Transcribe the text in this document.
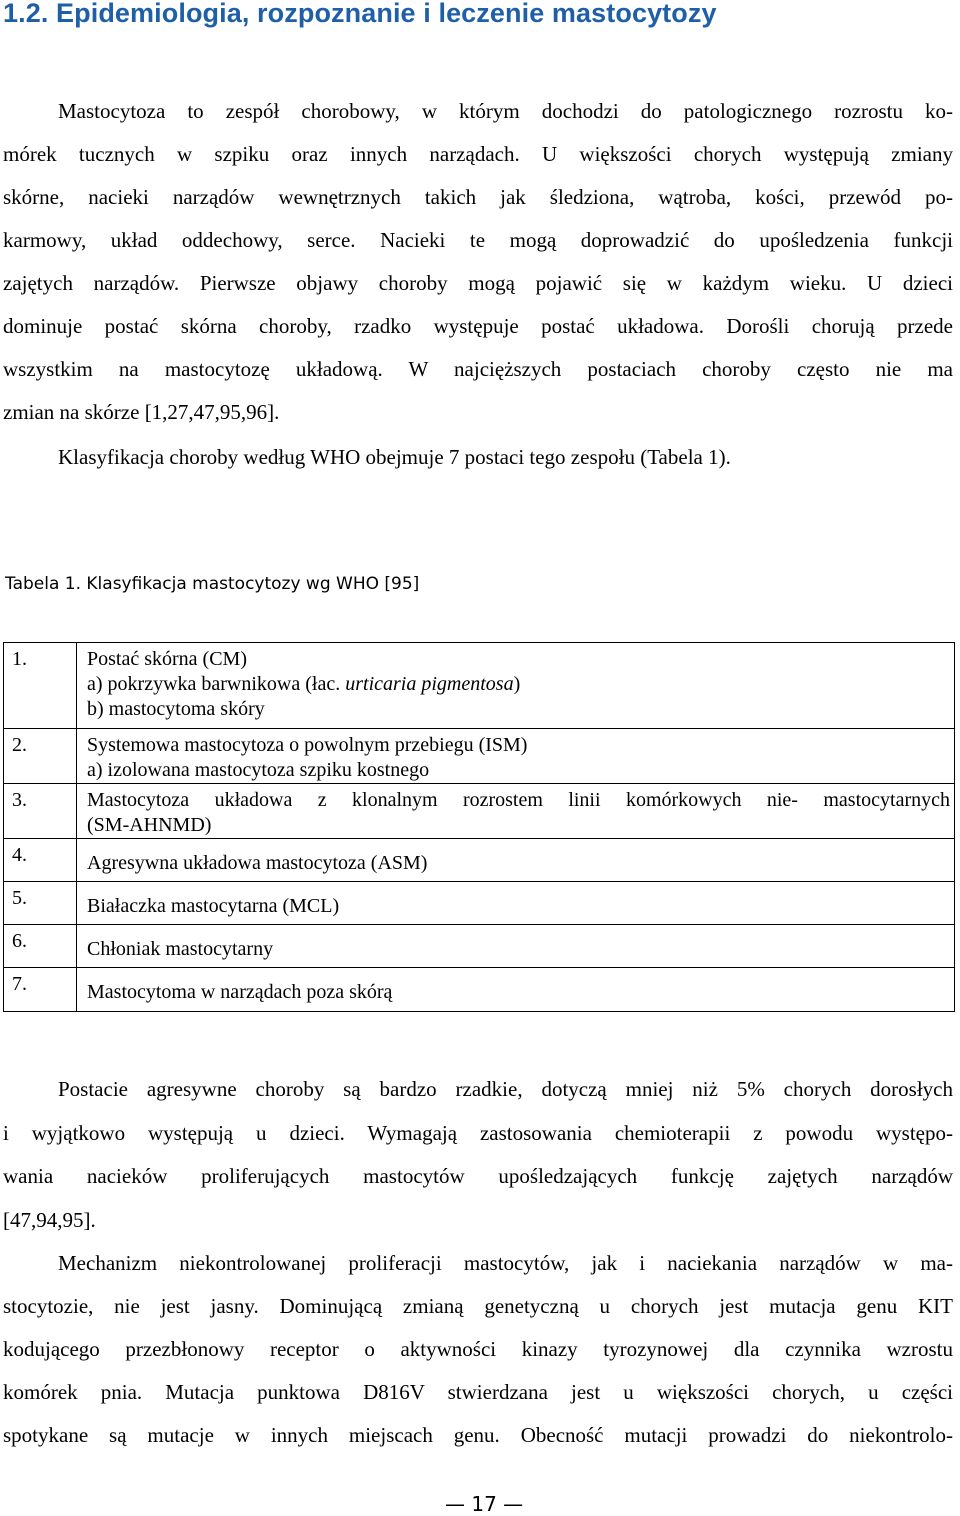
1.2. Epidemiologia, rozpoznanie i leczenie mastocytozy
Mastocytoza to zespół chorobowy, w którym dochodzi do patologicznego rozrostu ko-
mórek tucznych w szpiku oraz innych narządach. U większości chorych występują zmiany
skórne, nacieki narządów wewnętrznych takich jak śledziona, wątroba, kości, przewód po-
karmowy, układ oddechowy, serce. Nacieki te mogą doprowadzić do upośledzenia funkcji
zajętych narządów. Pierwsze objawy choroby mogą pojawić się w każdym wieku. U dzieci
dominuje postać skórna choroby, rzadko występuje postać układowa. Dorośli chorują przede
wszystkim na mastocytozę układową. W najcięższych postaciach choroby często nie ma
zmian na skórze [1,27,47,95,96].
Klasyfikacja choroby według WHO obejmuje 7 postaci tego zespołu (Tabela 1).
Tabela 1. Klasyfikacja mastocytozy wg WHO [95]
1.	Postać skórna (CM)
a) pokrzywka barwnikowa (łac. urticaria pigmentosa)
b) mastocytoma skóry

2.	Systemowa mastocytoza o powolnym przebiegu (ISM)
a) izolowana mastocytoza szpiku kostnego

3.	Mastocytoza układowa z klonalnym rozrostem linii komórkowych nie- mastocytarnych
(SM-AHNMD)

4.	Agresywna układowa mastocytoza (ASM)

5.	Białaczka mastocytarna (MCL)

6.	Chłoniak mastocytarny

7.	Mastocytoma w narządach poza skórą
Postacie agresywne choroby są bardzo rzadkie, dotyczą mniej niż 5% chorych dorosłych
i wyjątkowo występują u dzieci. Wymagają zastosowania chemioterapii z powodu występo-
wania nacieków proliferujących mastocytów upośledzających funkcję zajętych narządów
[47,94,95].
Mechanizm niekontrolowanej proliferacji mastocytów, jak i naciekania narządów w ma-
stocytozie, nie jest jasny. Dominującą zmianą genetyczną u chorych jest mutacja genu KIT
kodującego przezbłonowy receptor o aktywności kinazy tyrozynowej dla czynnika wzrostu
komórek pnia. Mutacja punktowa D816V stwierdzana jest u większości chorych, u części
spotykane są mutacje w innych miejscach genu. Obecność mutacji prowadzi do niekontrolo-
— 17 —
